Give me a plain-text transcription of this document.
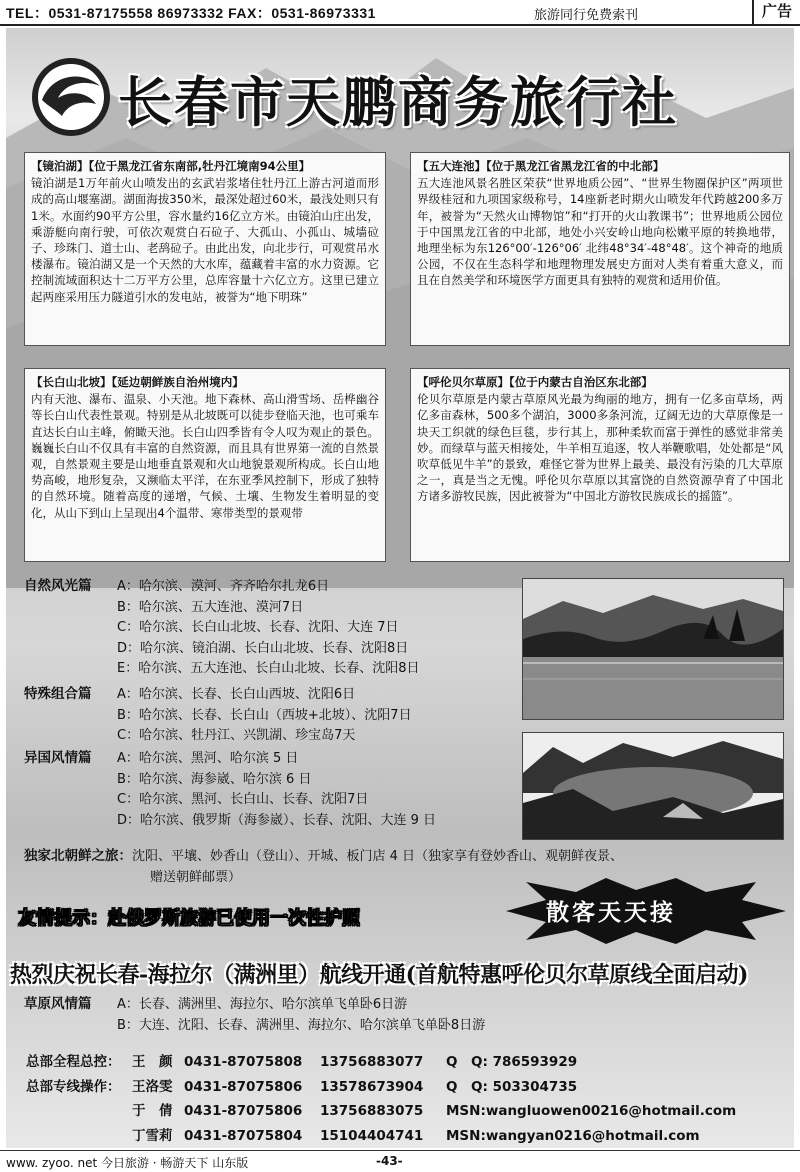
TEL：0531-87175558 86973332 FAX：0531-86973331	旅游同行免费索刊	广告
长春市天鹏商务旅行社
【镜泊湖】【位于黑龙江省东南部,牡丹江境南94公里】
镜泊湖是1万年前火山喷发出的玄武岩浆堵住牡丹江上游古河道而形成的高山堰塞湖。湖面海拔350米，最深处超过60米，最浅处则只有1米。水面约90平方公里，容水量约16亿立方米。由镜泊山庄出发，乘游艇向南行驶，可依次观赏白石砬子、大孤山、小孤山、城墙砬子、珍珠门、道士山、老鸹砬子。由此出发，向北步行，可观赏吊水楼瀑布。镜泊湖又是一个天然的大水库，蕴藏着丰富的水力资源。它控制流域面积达十二万平方公里，总库容量十六亿立方。这里已建立起两座采用压力隧道引水的发电站，被誉为“地下明珠”
【五大连池】【位于黑龙江省黑龙江省的中北部】
五大连池风景名胜区荣获“世界地质公园”、“世界生物圈保护区”两项世界级桂冠和九项国家级称号，14座新老时期火山喷发年代跨越200多万年，被誉为“天然火山博物馆”和“打开的火山教课书”；世界地质公园位于中国黑龙江省的中北部，地处小兴安岭山地向松嫩平原的转换地带，地理坐标为东126°00′-126°06′ 北纬48°34′-48°48′。这个神奇的地质公园，不仅在生态科学和地理物理发展史方面对人类有着重大意义，而且在自然美学和环境医学方面更具有独特的观赏和适用价值。
【长白山北坡】【延边朝鲜族自治州境内】
内有天池、瀑布、温泉、小天池。地下森林、高山滑雪场、岳桦幽谷等长白山代表性景观。特别是从北坡既可以徒步登临天池，也可乘车直达长白山主峰，俯瞰天池。长白山四季皆有令人叹为观止的景色。巍巍长白山不仅具有丰富的自然资源，而且具有世界第一流的自然景观，自然景观主要是山地垂直景观和火山地貌景观所构成。长白山地势高峻，地形复杂，又濒临太平洋，在东亚季风控制下，形成了独特的自然环境。随着高度的递增，气候、土壤、生物发生着明显的变化，从山下到山上呈现出4个温带、寒带类型的景观带
【呼伦贝尔草原】【位于内蒙古自治区东北部】
伦贝尔草原是内蒙古草原风光最为绚丽的地方，拥有一亿多亩草场，两亿多亩森林，500多个湖泊，3000多条河流，辽阔无边的大草原像是一块天工织就的绿色巨毯，步行其上，那种柔软而富于弹性的感觉非常美妙。而绿草与蓝天相接处，牛羊相互追逐，牧人举鞭歌唱，处处都是“风吹草低见牛羊”的景致，难怪它誉为世界上最美、最没有污染的几大草原之一，真是当之无愧。呼伦贝尔草原以其富饶的自然资源孕育了中国北方诸多游牧民族，因此被誉为“中国北方游牧民族成长的摇篮”。
自然风光篇 A：哈尔滨、漠河、齐齐哈尔扎龙6日
B：哈尔滨、五大连池、漠河7日
C：哈尔滨、长白山北坡、长春、沈阳、大连 7日
D：哈尔滨、镜泊湖、长白山北坡、长春、沈阳8日
E：哈尔滨、五大连池、长白山北坡、长春、沈阳8日
特殊组合篇 A：哈尔滨、长春、长白山西坡、沈阳6日
B：哈尔滨、长春、长白山（西坡+北坡）、沈阳7日
C：哈尔滨、牡丹江、兴凯湖、珍宝岛7天
异国风情篇 A：哈尔滨、黑河、哈尔滨 5 日
B：哈尔滨、海参崴、哈尔滨 6 日
C：哈尔滨、黑河、长白山、长春、沈阳7日
D：哈尔滨、俄罗斯（海参崴）、长春、沈阳、大连 9 日
独家北朝鲜之旅：沈阳、平壤、妙香山（登山）、开城、板门店 4 日（独家享有登妙香山、观朝鲜夜景、
赠送朝鲜邮票）
友情提示：赴俄罗斯旅游已使用一次性护照	散客天天接
热烈庆祝长春-海拉尔（满洲里）航线开通(首航特惠呼伦贝尔草原线全面启动)
草原风情篇 A：长春、满洲里、海拉尔、哈尔滨单飞单卧6日游
B：大连、沈阳、长春、满洲里、海拉尔、哈尔滨单飞单卧8日游
总部全程总控： 王　颜 0431-87075808 13756883077 Q　Q: 786593929
总部专线操作： 王洛雯 0431-87075806 13578673904 Q　Q: 503304735
于　倩 0431-87075806 13756883075 MSN:wangluowen00216@hotmail.com
丁雪莉 0431-87075804 15104404741 MSN:wangyan0216@hotmail.com
www. zyoo. net 今日旅游 · 畅游天下 山东版	-43-
